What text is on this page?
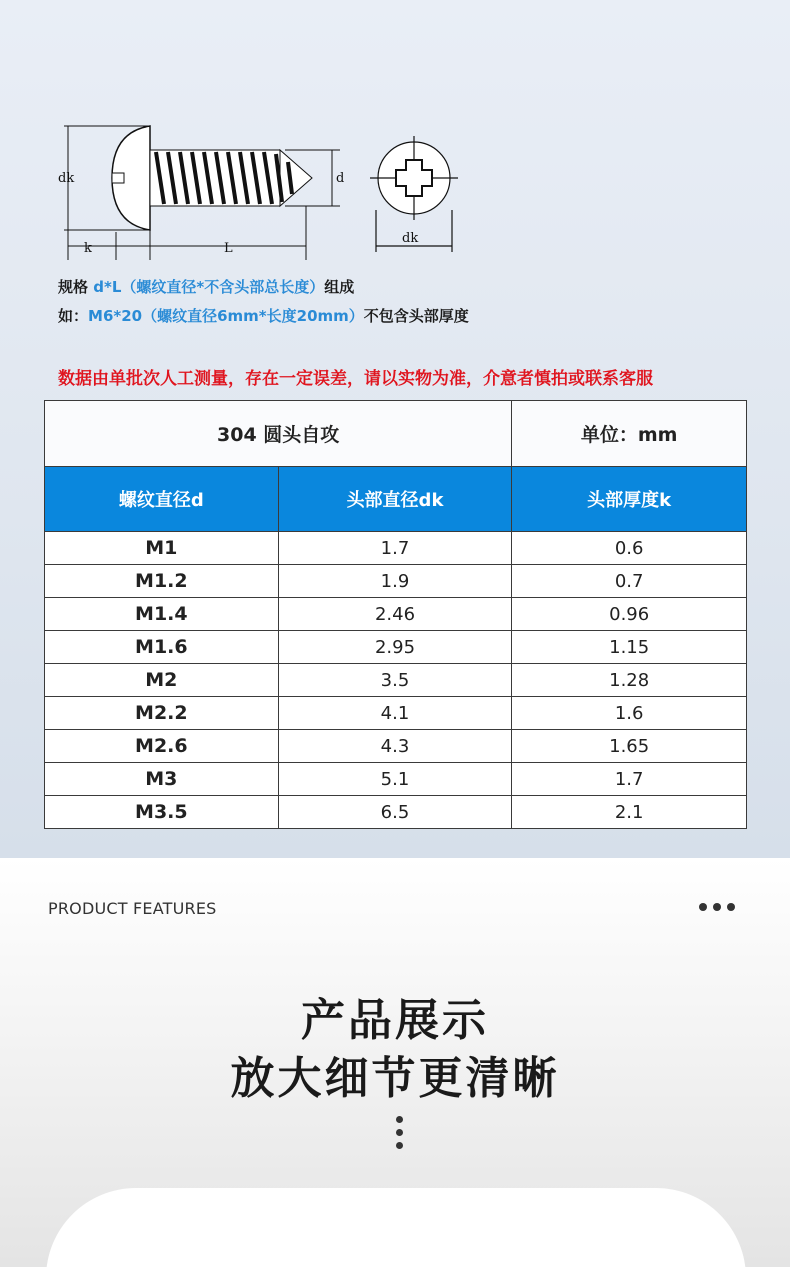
dk	d
k	L
dk
规格 d*L（螺纹直径*不含头部总长度）组成
如：M6*20（螺纹直径6mm*长度20mm）不包含头部厚度
数据由单批次人工测量，存在一定误差，请以实物为准，介意者慎拍或联系客服
304 圆头自攻		单位：mm
螺纹直径d	头部直径dk	头部厚度k
M1	1.7	0.6
M1.2	1.9	0.7
M1.4	2.46	0.96
M1.6	2.95	1.15
M2	3.5	1.28
M2.2	4.1	1.6
M2.6	4.3	1.65
M3	5.1	1.7
M3.5	6.5	2.1
PRODUCT FEATURES
产品展示
放大细节更清晰
